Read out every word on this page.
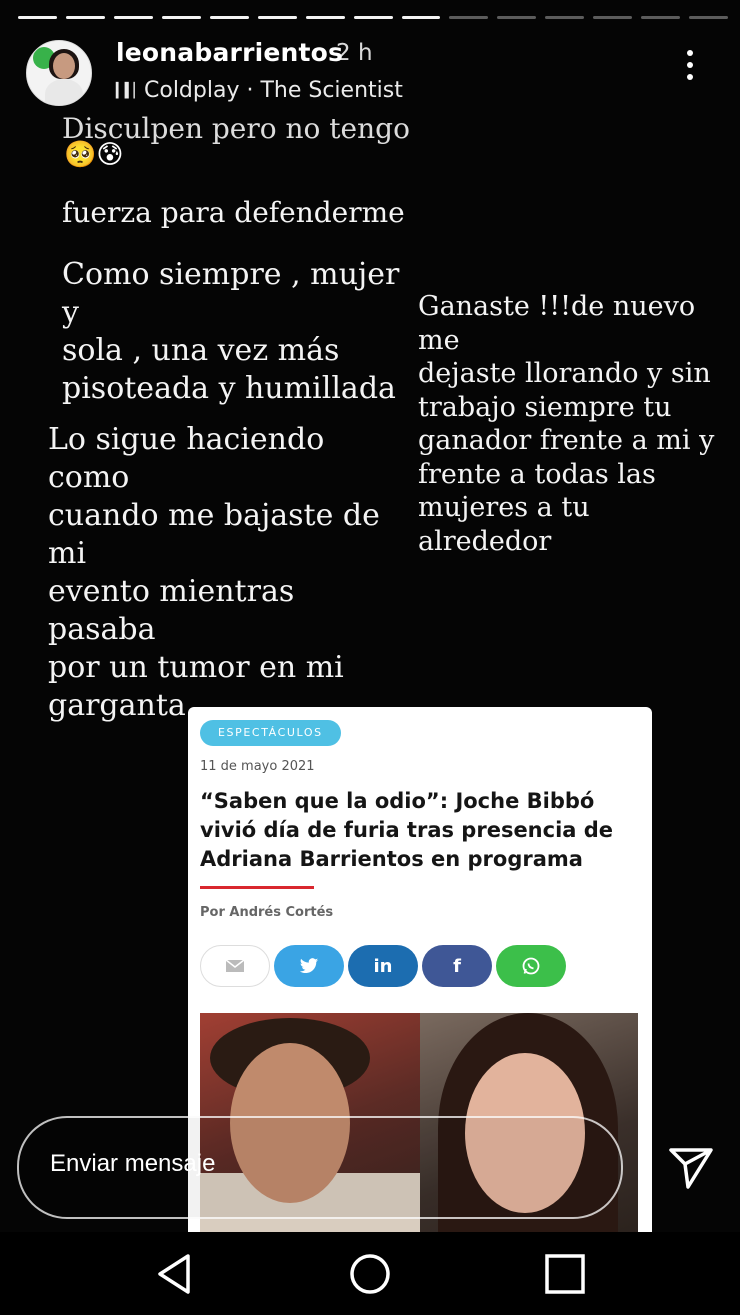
Disculpen pero no tengo

fuerza para defenderme

leonabarrientos
2 h
▎▍▏Coldplay · The Scientist
🥺😰
Como siempre , mujer y
sola , una vez más
pisoteada y humillada
Lo sigue haciendo como
cuando me bajaste de mi
evento mientras pasaba
por un tumor en mi
garganta
Ganaste !!!de nuevo me
dejaste llorando y sin
trabajo siempre tu
ganador frente a mi y
frente a todas las
mujeres a tu alrededor
ESPECTÁCULOS
11 de mayo 2021
“Saben que la odio”: Joche Bibbó vivió día de furia tras presencia de Adriana Barrientos en programa
Por Andrés Cortés
in	f
Enviar mensaje
